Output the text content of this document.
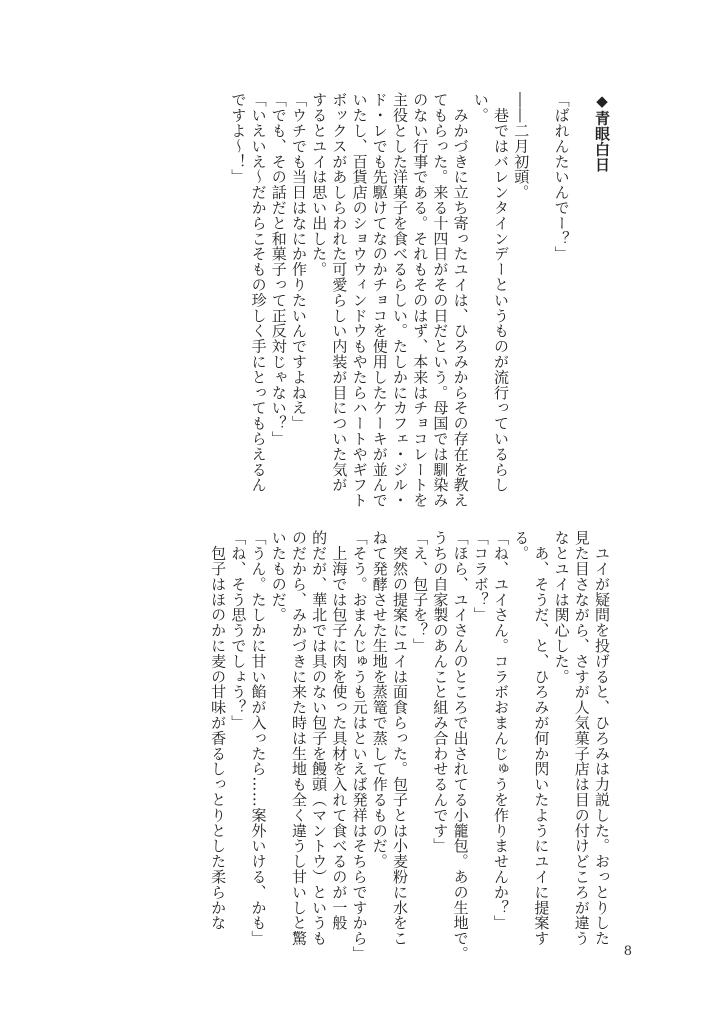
◆青眼白日
「ばれんたいんでー？」
――二月初頭。
　巷ではバレンタインデーというものが流行っているらし
い。
　みかづきに立ち寄ったユイは、ひろみからその存在を教え
てもらった。来る十四日がその日だという。母国では馴染み
のない行事である。それもそのはず、本来はチョコレートを
主役とした洋菓子を食べるらしい。たしかにカフェ・ジル・
ド・レでも先駆けてなのかチョコを使用したケーキが並んで
いたし、百貨店のショウウィンドウもやたらハートやギフト
ボックスがあしらわれた可愛らしい内装が目についた気が
するとユイは思い出した。
「ウチでも当日はなにか作りたいんですよねえ」
「でも、その話だと和菓子って正反対じゃない？」
「いえいえ～だからこそもの珍しく手にとってもらえるん
ですよ～！」
　ユイが疑問を投げると、ひろみは力説した。おっとりした
見た目さながら、さすが人気菓子店は目の付けどころが違う
なとユイは関心した。
　あ、そうだ、と、ひろみが何か閃いたようにユイに提案す
る。
「ね、ユイさん。コラボおまんじゅうを作りませんか？」
「コラボ？」
「ほら、ユイさんのところで出されてる小籠包。あの生地で。
うちの自家製のあんこと組み合わせるんです」
「え、包子を？」
　突然の提案にユイは面食らった。包子とは小麦粉に水をこ
ねて発酵させた生地を蒸篭で蒸して作るものだ。
「そう。おまんじゅうも元はといえば発祥はそちらですから」
　上海では包子に肉を使った具材を入れて食べるのが一般
的だが、華北では具のない包子を饅頭（マントウ）というも
のだから、みかづきに来た時は生地も全く違うし甘いしと驚
いたものだ。
「うん。たしかに甘い餡が入ったら……案外いける、かも」
「ね、そう思うでしょう？」
　包子はほのかに麦の甘味が香るしっとりとした柔らかな
8
